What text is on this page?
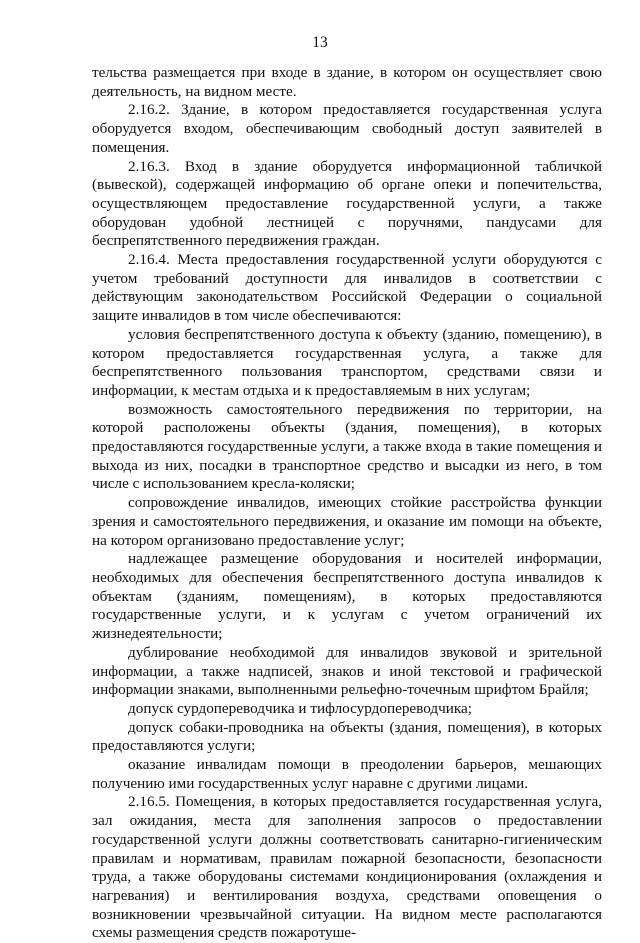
13

тельства размещается при входе в здание, в котором он осуществляет свою деятельность, на видном месте.

2.16.2. Здание, в котором предоставляется государственная услуга оборудуется входом, обеспечивающим свободный доступ заявителей в помещения.

2.16.3. Вход в здание оборудуется информационной табличкой (вывеской), содержащей информацию об органе опеки и попечительства, осуществляющем предоставление государственной услуги, а также оборудован удобной лестницей с поручнями, пандусами для беспрепятственного передвижения граждан.

2.16.4. Места предоставления государственной услуги оборудуются с учетом требований доступности для инвалидов в соответствии с действующим законодательством Российской Федерации о социальной защите инвалидов в том числе обеспечиваются:

условия беспрепятственного доступа к объекту (зданию, помещению), в котором предоставляется государственная услуга, а также для беспрепятственного пользования транспортом, средствами связи и информации, к местам отдыха и к предоставляемым в них услугам;

возможность самостоятельного передвижения по территории, на которой расположены объекты (здания, помещения), в которых предоставляются государственные услуги, а также входа в такие помещения и выхода из них, посадки в транспортное средство и высадки из него, в том числе с использованием кресла-коляски;

сопровождение инвалидов, имеющих стойкие расстройства функции зрения и самостоятельного передвижения, и оказание им помощи на объекте, на котором организовано предоставление услуг;

надлежащее размещение оборудования и носителей информации, необходимых для обеспечения беспрепятственного доступа инвалидов к объектам (зданиям, помещениям), в которых предоставляются государственные услуги, и к услугам с учетом ограничений их жизнедеятельности;

дублирование необходимой для инвалидов звуковой и зрительной информации, а также надписей, знаков и иной текстовой и графической информации знаками, выполненными рельефно-точечным шрифтом Брайля;

допуск сурдопереводчика и тифлосурдопереводчика;

допуск собаки-проводника на объекты (здания, помещения), в которых предоставляются услуги;

оказание инвалидам помощи в преодолении барьеров, мешающих получению ими государственных услуг наравне с другими лицами.

2.16.5. Помещения, в которых предоставляется государственная услуга, зал ожидания, места для заполнения запросов о предоставлении государственной услуги должны соответствовать санитарно-гигиеническим правилам и нормативам, правилам пожарной безопасности, безопасности труда, а также оборудованы системами кондиционирования (охлаждения и нагревания) и вентилирования воздуха, средствами оповещения о возникновении чрезвычайной ситуации. На видном месте располагаются схемы размещения средств пожаротуше-
